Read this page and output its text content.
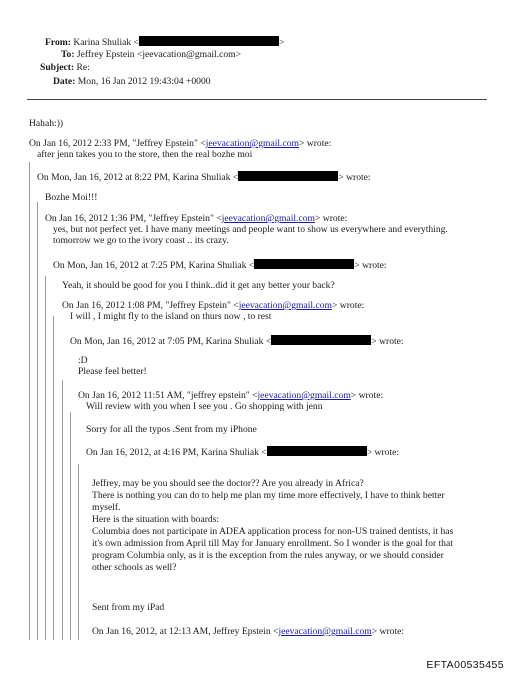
From: Karina Shuliak <	>
To: Jeffrey Epstein <jeevacation@gmail.com>
Subject: Re:
Date: Mon, 16 Jan 2012 19:43:04 +0000
Hahah:))
On Jan 16, 2012 2:33 PM, "Jeffrey Epstein" <jeevacation@gmail.com> wrote:
after jenn takes you to the store, then the real bozhe moi
On Mon, Jan 16, 2012 at 8:22 PM, Karina Shuliak <	> wrote:
Bozhe Moi!!!
On Jan 16, 2012 1:36 PM, "Jeffrey Epstein" <jeevacation@gmail.com> wrote:
yes, but not perfect yet. I have many meetings and people want to show us everywhere and everything.
tomorrow we go to the ivory coast .. its crazy.
On Mon, Jan 16, 2012 at 7:25 PM, Karina Shuliak <	> wrote:
Yeah, it should be good for you I think..did it get any better your back?
On Jan 16, 2012 1:08 PM, "Jeffrey Epstein" <jeevacation@gmail.com> wrote:
I will , I might fly to the island on thurs now , to rest
On Mon, Jan 16, 2012 at 7:05 PM, Karina Shuliak <	> wrote:
:D
Please feel better!
On Jan 16, 2012 11:51 AM, "jeffrey epstein" <jeevacation@gmail.com> wrote:
Will review with you when I see you . Go shopping with jenn
Sorry for all the typos .Sent from my iPhone
On Jan 16, 2012, at 4:16 PM, Karina Shuliak <	> wrote:
Jeffrey, may be you should see the doctor?? Are you already in Africa?
There is nothing you can do to help me plan my time more effectively, I have to think better
myself.
Here is the situation with boards:
Columbia does not participate in ADEA application process for non-US trained dentists, it has
it's own admission from April till May for January enrollment. So I wonder is the goal for that
program Columbia only, as it is the exception from the rules anyway, or we should consider
other schools as well?
Sent from my iPad
On Jan 16, 2012, at 12:13 AM, Jeffrey Epstein <jeevacation@gmail.com> wrote:
EFTA00535455
